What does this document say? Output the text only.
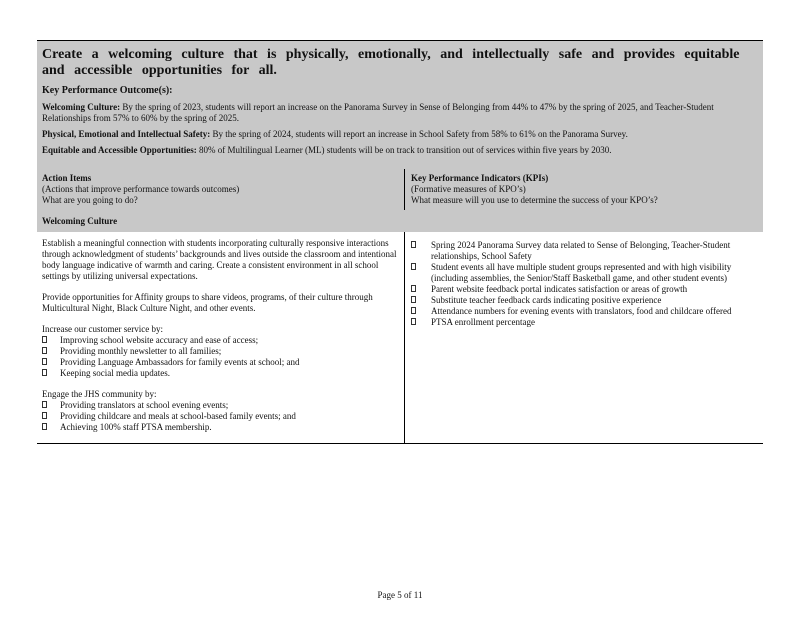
Create a welcoming culture that is physically, emotionally, and intellectually safe and provides equitable and accessible opportunities for all.
Key Performance Outcome(s):
Welcoming Culture: By the spring of 2023, students will report an increase on the Panorama Survey in Sense of Belonging from 44% to 47% by the spring of 2025, and Teacher-Student Relationships from 57% to 60% by the spring of 2025.
Physical, Emotional and Intellectual Safety: By the spring of 2024, students will report an increase in School Safety from 58% to 61% on the Panorama Survey.
Equitable and Accessible Opportunities: 80% of Multilingual Learner (ML) students will be on track to transition out of services within five years by 2030.
Action Items
(Actions that improve performance towards outcomes)
What are you going to do?
Key Performance Indicators (KPIs)
(Formative measures of KPO’s)
What measure will you use to determine the success of your KPO’s?
Welcoming Culture
Establish a meaningful connection with students incorporating culturally responsive interactions through acknowledgment of students’ backgrounds and lives outside the classroom and intentional body language indicative of warmth and caring. Create a consistent environment in all school settings by utilizing universal expectations.
Provide opportunities for Affinity groups to share videos, programs, of their culture through Multicultural Night, Black Culture Night, and other events.
Increase our customer service by:
Improving school website accuracy and ease of access;
Providing monthly newsletter to all families;
Providing Language Ambassadors for family events at school; and
Keeping social media updates.
Engage the JHS community by:
Providing translators at school evening events;
Providing childcare and meals at school-based family events; and
Achieving 100% staff PTSA membership.
Spring 2024 Panorama Survey data related to Sense of Belonging, Teacher-Student relationships, School Safety
Student events all have multiple student groups represented and with high visibility (including assemblies, the Senior/Staff Basketball game, and other student events)
Parent website feedback portal indicates satisfaction or areas of growth
Substitute teacher feedback cards indicating positive experience
Attendance numbers for evening events with translators, food and childcare offered
PTSA enrollment percentage
Page 5 of 11
